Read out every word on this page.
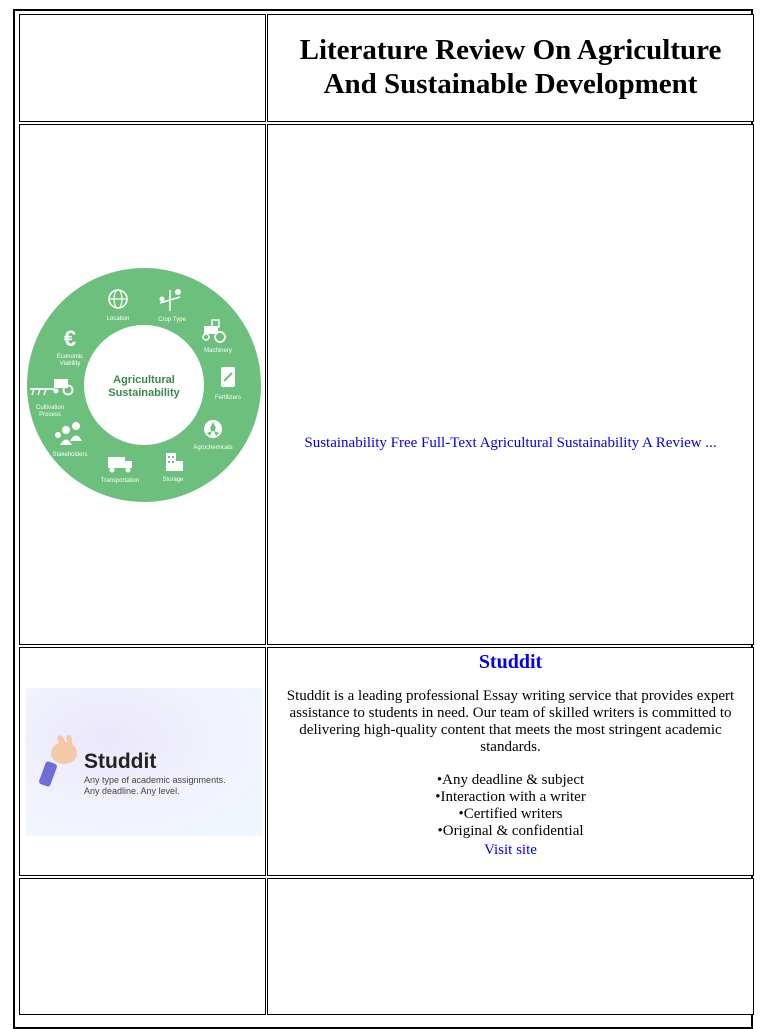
Literature Review On Agriculture
And Sustainable Development
Agricultural
Sustainability
Location	Crop Type
Machinery
Fertilizers
Agrochemicals
Storage
Transportation
Stakeholders
Cultivation
Process
€
Economic
Viability
Sustainability Free Full-Text Agricultural Sustainability A Review ...
Studdit
Any type of academic assignments.
Any deadline. Any level.
Studdit
Studdit is a leading professional Essay writing service that provides expert assistance to students in need. Our team of skilled writers is committed to delivering high-quality content that meets the most stringent academic standards.
• Any deadline & subject
• Interaction with a writer
• Certified writers
• Original & confidential
Visit site
